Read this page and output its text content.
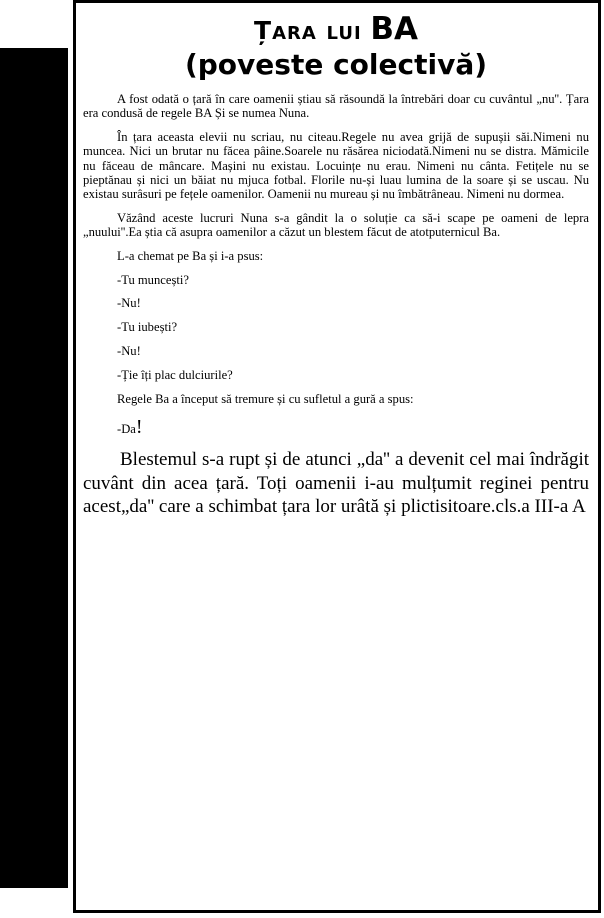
Țara lui BA
(poveste colectivă)

A fost odată o țară în care oamenii știau să răsoundă la întrebări doar cu cuvântul „nu''. Țara era condusă de regele BA Și se numea Nuna.

În țara aceasta elevii nu scriau, nu citeau.Regele nu avea grijă de supușii săi.Nimeni nu muncea. Nici un brutar nu făcea pâine.Soarele nu răsărea niciodată.Nimeni nu se distra. Mămicile nu făceau de mâncare. Mașini nu existau. Locuințe nu erau. Nimeni nu cânta. Fetițele nu se pieptănau și nici un băiat nu mjuca fotbal. Florile nu-și luau lumina de la soare și se uscau. Nu existau surâsuri pe fețele oamenilor. Oamenii nu mureau și nu îmbătrâneau. Nimeni nu dormea.

Văzând aceste lucruri Nuna s-a gândit la o soluție ca să-i scape pe oameni de lepra „nuului''.Ea știa că asupra oamenilor a căzut un blestem făcut de atotputernicul Ba.

L-a chemat pe Ba și i-a psus:

-Tu muncești?

-Nu!

-Tu iubești?

-Nu!

-Ție îți plac dulciurile?

Regele Ba a început să tremure și cu sufletul a gură a spus:

-Da!

Blestemul s-a rupt și de atunci „da'' a devenit cel mai îndrăgit cuvânt din acea țară. Toți oamenii i-au mulțumit reginei pentru acest„da'' care a schimbat țara lor urâtă și plictisitoare.cls.a III-a A
